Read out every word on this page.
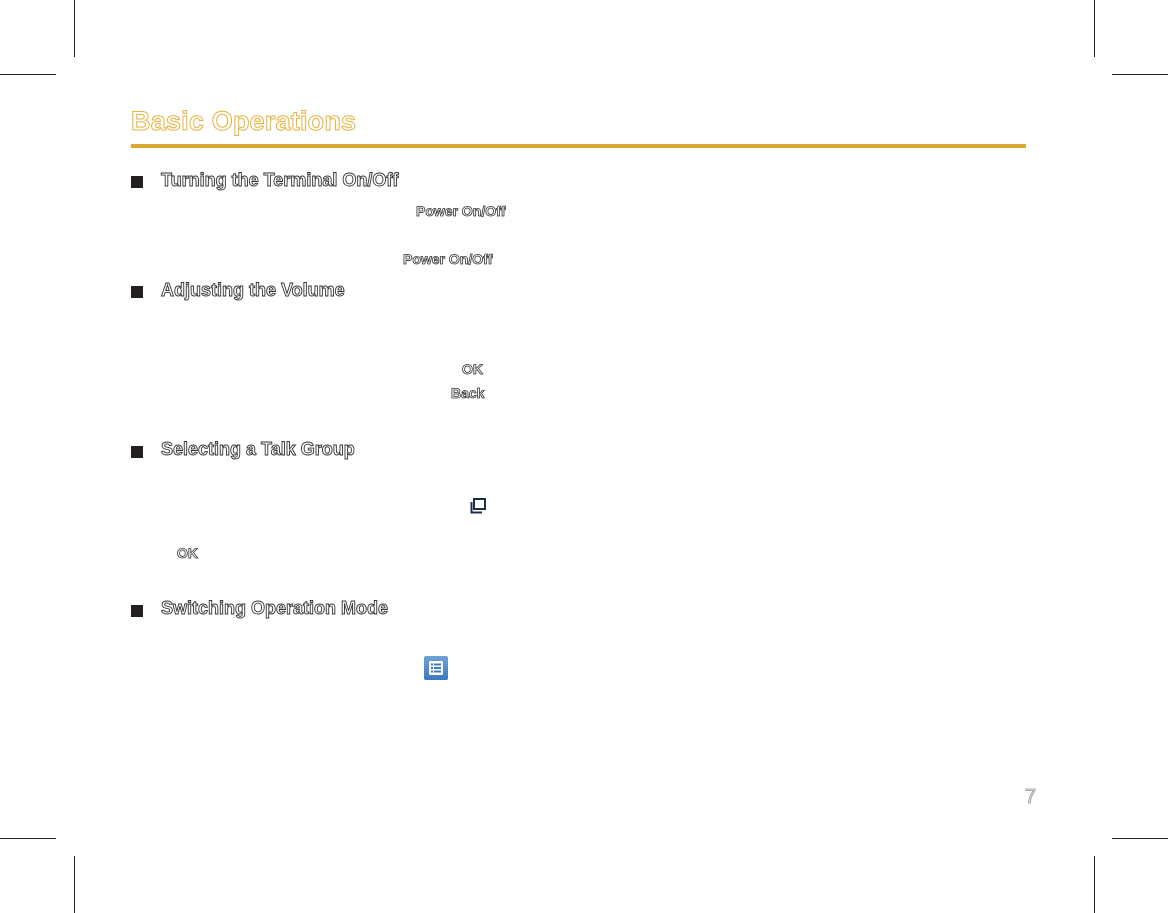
Basic Operations
Turning the Terminal On/Off
Power On/Off
Power On/Off
Adjusting the Volume
OK
Back
Selecting a Talk Group
OK
Switching Operation Mode
7
